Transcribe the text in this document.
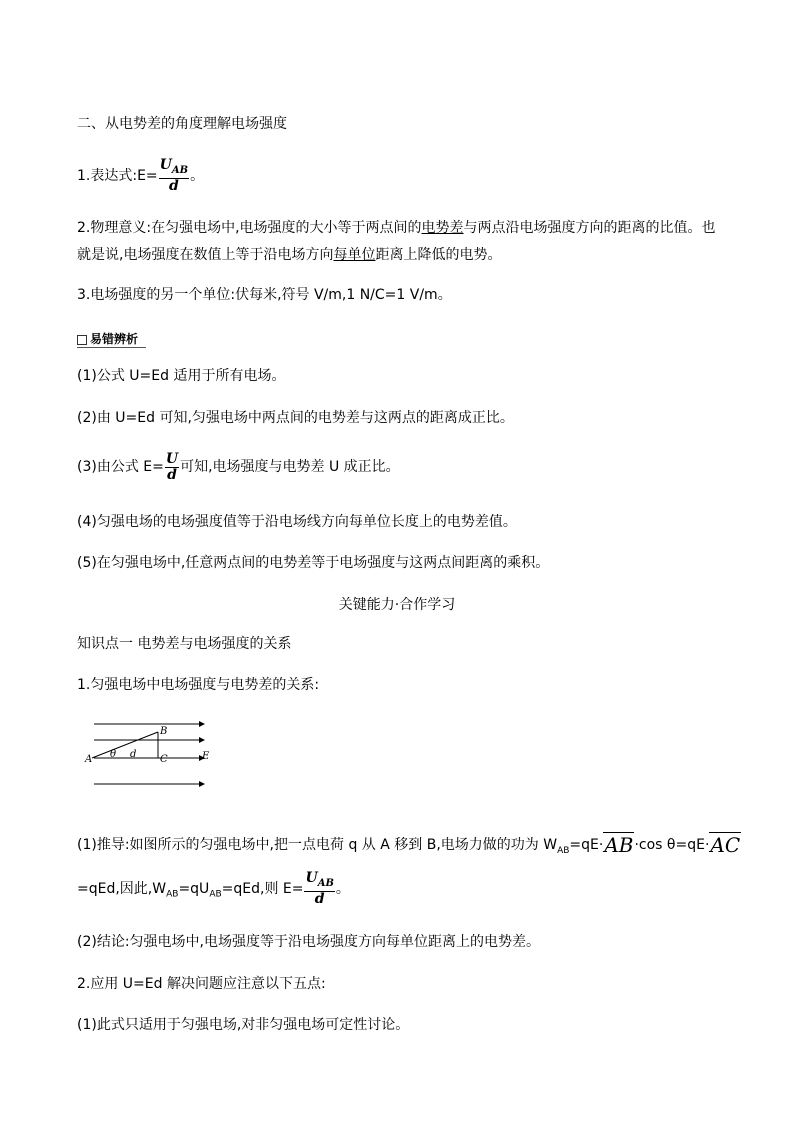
二、从电势差的角度理解电场强度
1.表达式:E= $\frac{U_{AB}}{d}$ 。
2.物理意义:在匀强电场中,电场强度的大小等于两点间的电势差与两点沿电场强度方向的距离的比值。也
就是说,电场强度在数值上等于沿电场方向每单位距离上降低的电势。
3.电场强度的另一个单位:伏每米,符号 V/m,1 N/C=1 V/m。
易错辨析
(1)公式 U=Ed 适用于所有电场。
(2)由 U=Ed 可知,匀强电场中两点间的电势差与这两点的距离成正比。
(3)由公式 $E= \frac{U}{d}$ 可知,电场强度与电势差 U 成正比。
(4)匀强电场的电场强度值等于沿电场线方向每单位长度上的电势差值。
(5)在匀强电场中,任意两点间的电势差等于电场强度与这两点间距离的乘积。
关键能力·合作学习
知识点一 电势差与电场强度的关系
1.匀强电场中电场强度与电势差的关系:
A
B
C	E
θ d
(1)推导:如图所示的匀强电场中,把一点电荷 q 从 A 移到 B,电场力做的功为 $W_{AB}=qE\cdot AB\cdot\cos$ θ=qE·AC
=qEd,因此$,W_{AB}=qU_{AB}=qEd$,则 $E= \frac{U_{AB}}{d}$ 。
(2)结论:匀强电场中,电场强度等于沿电场强度方向每单位距离上的电势差。
2.应用 U=Ed 解决问题应注意以下五点:
(1)此式只适用于匀强电场,对非匀强电场可定性讨论。
